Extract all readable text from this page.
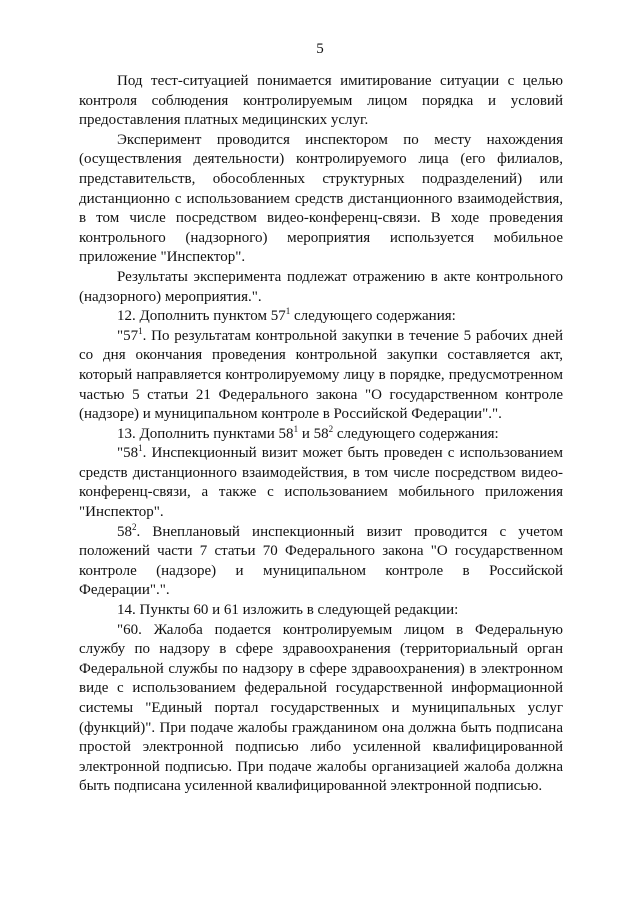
5

Под тест-ситуацией понимается имитирование ситуации с целью контроля соблюдения контролируемым лицом порядка и условий предоставления платных медицинских услуг.

Эксперимент проводится инспектором по месту нахождения (осуществления деятельности) контролируемого лица (его филиалов, представительств, обособленных структурных подразделений) или дистанционно с использованием средств дистанционного взаимодействия, в том числе посредством видео-конференц-связи. В ходе проведения контрольного (надзорного) мероприятия используется мобильное приложение "Инспектор".

Результаты эксперимента подлежат отражению в акте контрольного (надзорного) мероприятия.".

12. Дополнить пунктом $57^1$ следующего содержания:

"$57^1$. По результатам контрольной закупки в течение 5 рабочих дней со дня окончания проведения контрольной закупки составляется акт, который направляется контролируемому лицу в порядке, предусмотренном частью 5 статьи 21 Федерального закона "О государственном контроле (надзоре) и муниципальном контроле в Российской Федерации".".

13. Дополнить пунктами $58^1$ и $58^2$ следующего содержания:

"$58^1$. Инспекционный визит может быть проведен с использованием средств дистанционного взаимодействия, в том числе посредством видео-конференц-связи, а также с использованием мобильного приложения "Инспектор".

$58^2$. Внеплановый инспекционный визит проводится с учетом положений части 7 статьи 70 Федерального закона "О государственном контроле (надзоре) и муниципальном контроле в Российской Федерации".".

14. Пункты 60 и 61 изложить в следующей редакции:

"60. Жалоба подается контролируемым лицом в Федеральную службу по надзору в сфере здравоохранения (территориальный орган Федеральной службы по надзору в сфере здравоохранения) в электронном виде с использованием федеральной государственной информационной системы "Единый портал государственных и муниципальных услуг (функций)". При подаче жалобы гражданином она должна быть подписана простой электронной подписью либо усиленной квалифицированной электронной подписью. При подаче жалобы организацией жалоба должна быть подписана усиленной квалифицированной электронной подписью.
